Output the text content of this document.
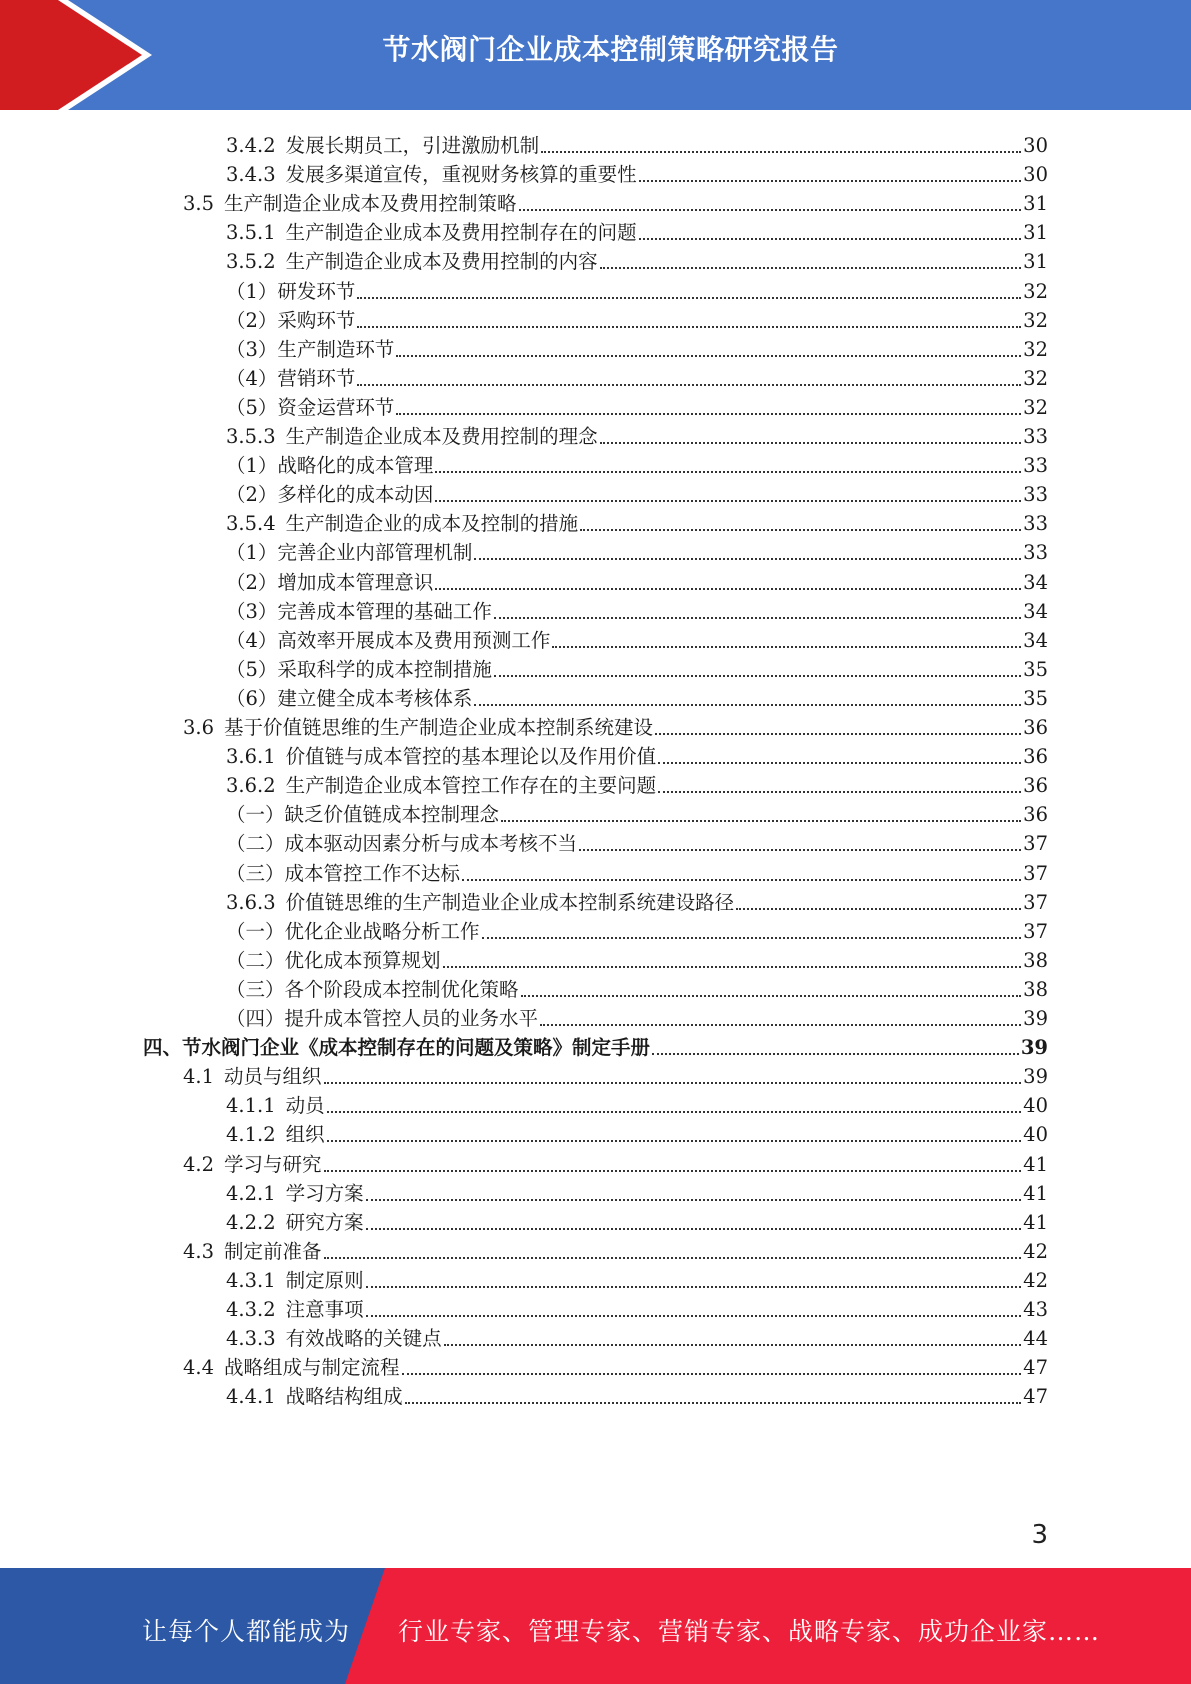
节水阀门企业成本控制策略研究报告
3.4.2 发展长期员工，引进激励机制	30
3.4.3 发展多渠道宣传，重视财务核算的重要性	30
3.5 生产制造企业成本及费用控制策略	31
3.5.1 生产制造企业成本及费用控制存在的问题	31
3.5.2 生产制造企业成本及费用控制的内容	31
（1） 研发环节	32
（2） 采购环节	32
（3） 生产制造环节	32
（4） 营销环节	32
（5） 资金运营环节	32
3.5.3 生产制造企业成本及费用控制的理念	33
（1） 战略化的成本管理	33
（2） 多样化的成本动因	33
3.5.4 生产制造企业的成本及控制的措施	33
（1） 完善企业内部管理机制	33
（2） 增加成本管理意识	34
（3） 完善成本管理的基础工作	34
（4） 高效率开展成本及费用预测工作	34
（5） 采取科学的成本控制措施	35
（6） 建立健全成本考核体系	35
3.6 基于价值链思维的生产制造企业成本控制系统建设	36
3.6.1 价值链与成本管控的基本理论以及作用价值	36
3.6.2 生产制造企业成本管控工作存在的主要问题	36
（一） 缺乏价值链成本控制理念	36
（二） 成本驱动因素分析与成本考核不当	37
（三） 成本管控工作不达标	37
3.6.3 价值链思维的生产制造业企业成本控制系统建设路径	37
（一） 优化企业战略分析工作	37
（二） 优化成本预算规划	38
（三） 各个阶段成本控制优化策略	38
（四） 提升成本管控人员的业务水平	39
四、 节水阀门企业《成本控制存在的问题及策略》制定手册	39
4.1 动员与组织	39
4.1.1 动员	40
4.1.2 组织	40
4.2 学习与研究	41
4.2.1 学习方案	41
4.2.2 研究方案	41
4.3 制定前准备	42
4.3.1 制定原则	42
4.3.2 注意事项	43
4.3.3 有效战略的关键点	44
4.4 战略组成与制定流程	47
4.4.1 战略结构组成	47
3
让每个人都能成为 行业专家、管理专家、营销专家、战略专家、成功企业家……
